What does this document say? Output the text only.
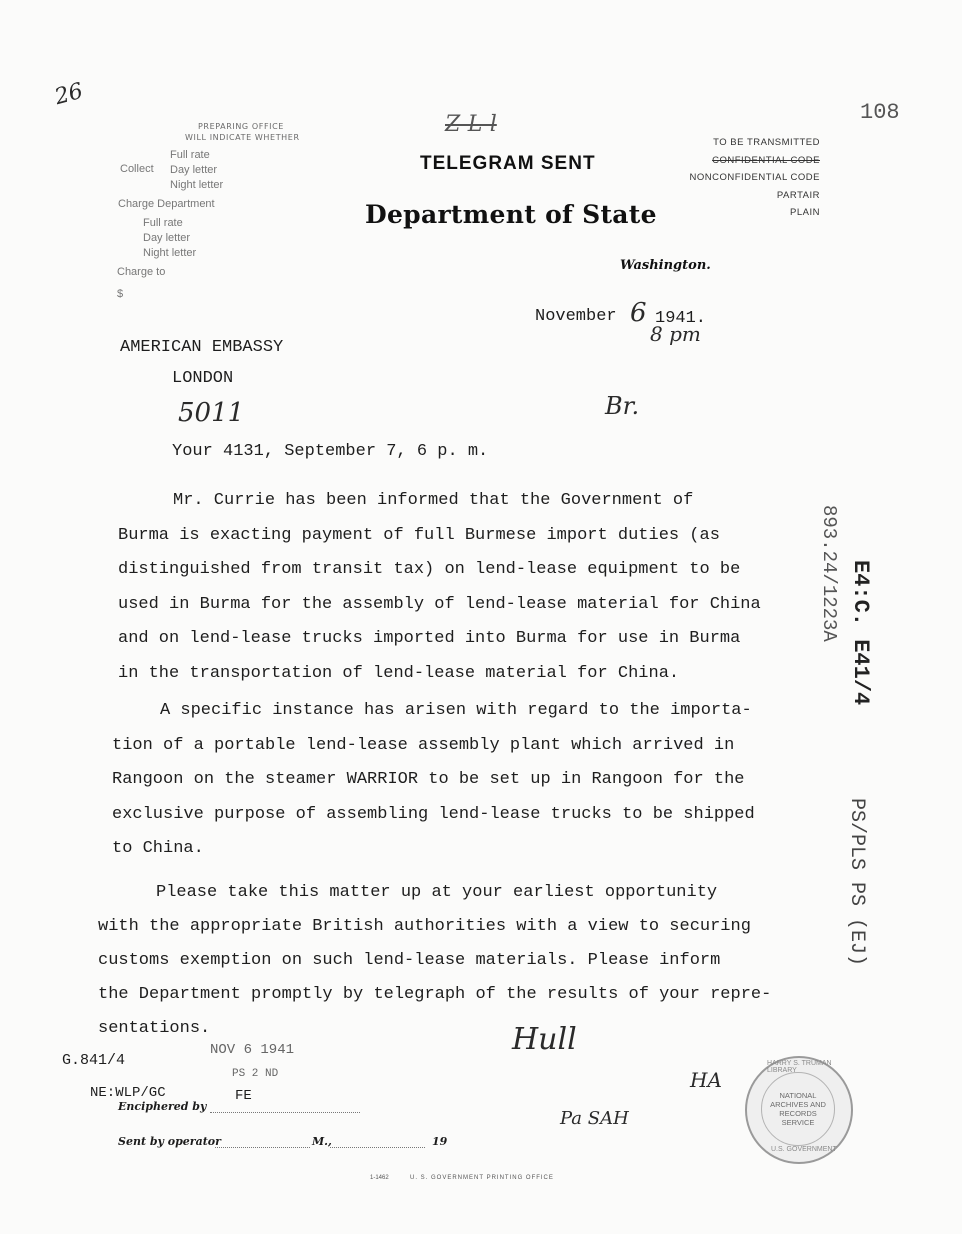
26
108
PREPARING OFFICE
WILL INDICATE WHETHER
Collect
Full rate
Day letter
Night letter
Charge Department
Full rate
Day letter
Night letter
Charge to
$
Z-L-l
TELEGRAM SENT
Department of State
Washington.
TO BE TRANSMITTED
CONFIDENTIAL CODE
NONCONFIDENTIAL CODE
PARTAIR
PLAIN
November 6 1941.
8 pm
AMERICAN EMBASSY
LONDON
5011	Br.
Your 4131, September 7, 6 p. m.
Mr. Currie has been informed that the Government of
Burma is exacting payment of full Burmese import duties (as
distinguished from transit tax) on lend-lease equipment to be
used in Burma for the assembly of lend-lease material for China
and on lend-lease trucks imported into Burma for use in Burma
in the transportation of lend-lease material for China.
A specific instance has arisen with regard to the importa-
tion of a portable lend-lease assembly plant which arrived in
Rangoon on the steamer WARRIOR to be set up in Rangoon for the
exclusive purpose of assembling lend-lease trucks to be shipped
to China.
Please take this matter up at your earliest opportunity
with the appropriate British authorities with a view to securing
customs exemption on such lend-lease materials. Please inform
the Department promptly by telegraph of the results of your repre-
sentations.
893.24/1223A E4:C. E41/4
PS/PLS PS (EJ)
G.841/4
NOV 6 1941
NE:WLP/GC	FE
PS 2 ND
Enciphered by
Sent by operator	M.,	19
Hull
Pa SAH
HA
U. S. GOVERNMENT PRINTING OFFICE
1-1462
HARRY S. TRUMAN LIBRARY
NATIONAL
ARCHIVES AND
RECORDS
SERVICE
U.S. GOVERNMENT
